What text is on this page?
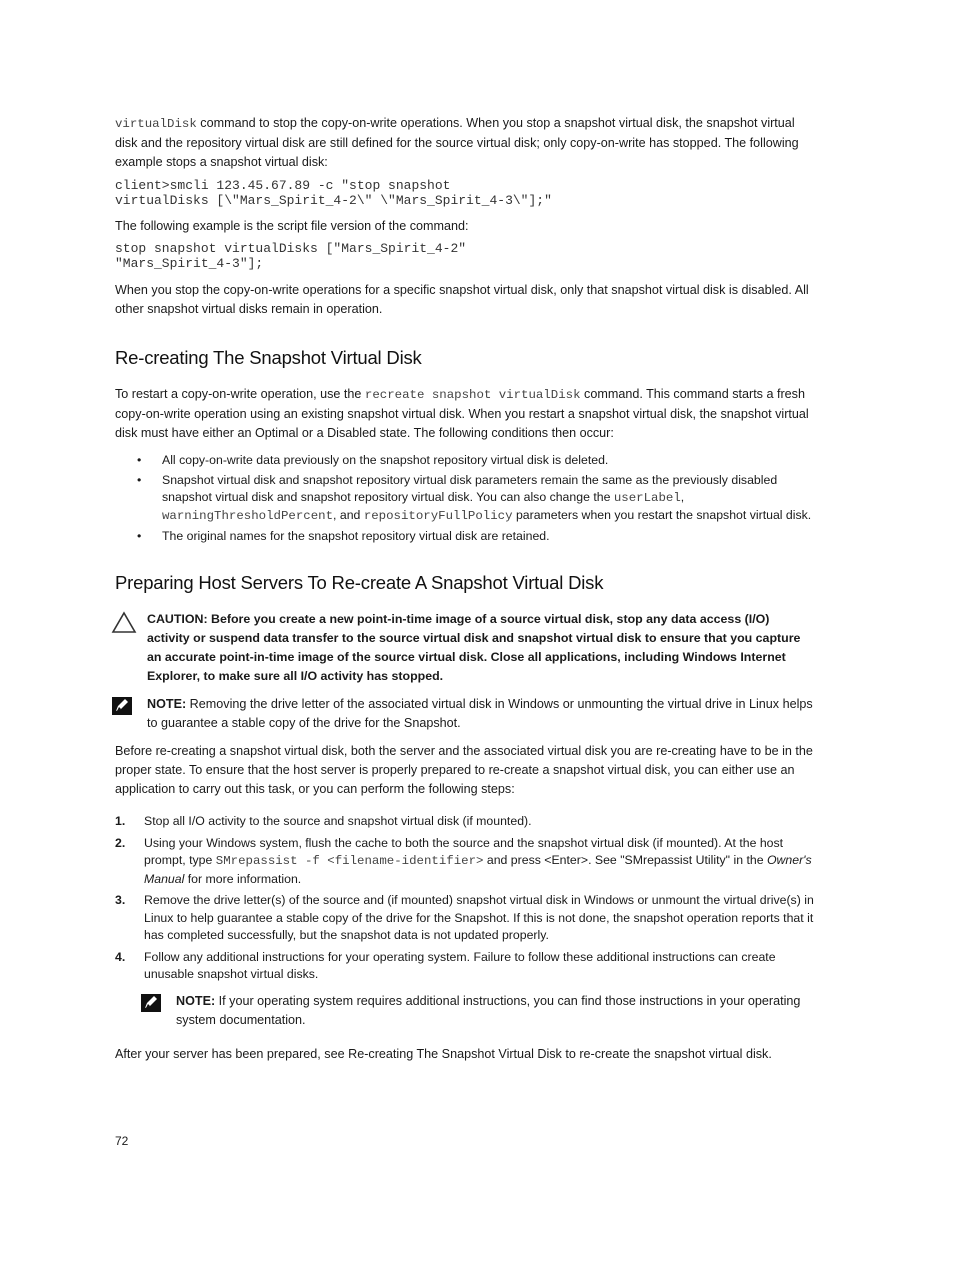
virtualDisk command to stop the copy-on-write operations. When you stop a snapshot virtual disk, the snapshot virtual disk and the repository virtual disk are still defined for the source virtual disk; only copy-on-write has stopped. The following example stops a snapshot virtual disk:

client>smcli 123.45.67.89 -c "stop snapshot
virtualDisks [\"Mars_Spirit_4-2\" \"Mars_Spirit_4-3\"];"

The following example is the script file version of the command:

stop snapshot virtualDisks ["Mars_Spirit_4-2"
"Mars_Spirit_4-3"];

When you stop the copy-on-write operations for a specific snapshot virtual disk, only that snapshot virtual disk is disabled. All other snapshot virtual disks remain in operation.

Re-creating The Snapshot Virtual Disk

To restart a copy-on-write operation, use the recreate snapshot virtualDisk command. This command starts a fresh copy-on-write operation using an existing snapshot virtual disk. When you restart a snapshot virtual disk, the snapshot virtual disk must have either an Optimal or a Disabled state. The following conditions then occur:

• All copy-on-write data previously on the snapshot repository virtual disk is deleted.
• Snapshot virtual disk and snapshot repository virtual disk parameters remain the same as the previously disabled snapshot virtual disk and snapshot repository virtual disk. You can also change the userLabel, warningThresholdPercent, and repositoryFullPolicy parameters when you restart the snapshot virtual disk.
• The original names for the snapshot repository virtual disk are retained.
Preparing Host Servers To Re-create A Snapshot Virtual Disk
CAUTION: Before you create a new point-in-time image of a source virtual disk, stop any data access (I/O) activity or suspend data transfer to the source virtual disk and snapshot virtual disk to ensure that you capture an accurate point-in-time image of the source virtual disk. Close all applications, including Windows Internet Explorer, to make sure all I/O activity has stopped.
NOTE: Removing the drive letter of the associated virtual disk in Windows or unmounting the virtual drive in Linux helps to guarantee a stable copy of the drive for the Snapshot.

Before re-creating a snapshot virtual disk, both the server and the associated virtual disk you are re-creating have to be in the proper state. To ensure that the host server is properly prepared to re-create a snapshot virtual disk, you can either use an application to carry out this task, or you can perform the following steps:

1. Stop all I/O activity to the source and snapshot virtual disk (if mounted).
2. Using your Windows system, flush the cache to both the source and the snapshot virtual disk (if mounted). At the host prompt, type SMrepassist -f <filename-identifier> and press <Enter>. See "SMrepassist Utility" in the Owner's Manual for more information.
3. Remove the drive letter(s) of the source and (if mounted) snapshot virtual disk in Windows or unmount the virtual drive(s) in Linux to help guarantee a stable copy of the drive for the Snapshot. If this is not done, the snapshot operation reports that it has completed successfully, but the snapshot data is not updated properly.
4. Follow any additional instructions for your operating system. Failure to follow these additional instructions can create unusable snapshot virtual disks.
NOTE: If your operating system requires additional instructions, you can find those instructions in your operating system documentation.

After your server has been prepared, see Re-creating The Snapshot Virtual Disk to re-create the snapshot virtual disk.

72
